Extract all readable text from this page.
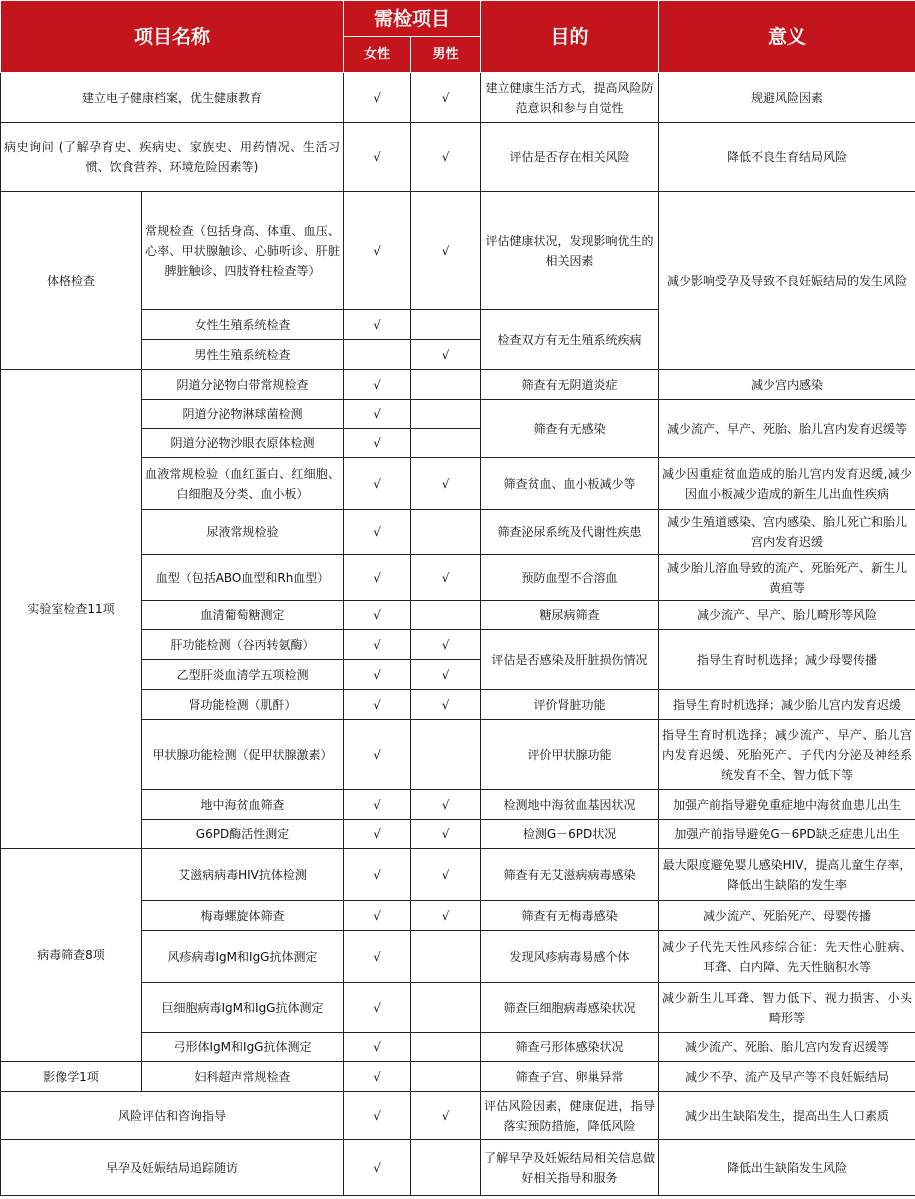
项目名称		需检项目		目的	意义
		女性	男性		
建立电子健康档案，优生健康教育		√	√	建立健康生活方式，提高风险防范意识和参与自觉性	规避风险因素
病史询问 (了解孕育史、疾病史、家族史、用药情况、生活习惯、饮食营养、环境危险因素等)		√	√	评估是否存在相关风险	降低不良生育结局风险
体格检查	常规检查（包括身高、体重、血压、心率、甲状腺触诊、心肺听诊、肝脏脾脏触诊、四肢脊柱检查等）	√	√	评估健康状况，发现影响优生的相关因素	减少影响受孕及导致不良妊娠结局的发生风险
	女性生殖系统检查	√		检查双方有无生殖系统疾病	
	男性生殖系统检查		√		
实验室检查11项	阴道分泌物白带常规检查	√		筛查有无阴道炎症	减少宫内感染
	阴道分泌物淋球菌检测	√		筛查有无感染	减少流产、早产、死胎、胎儿宫内发育迟缓等
	阴道分泌物沙眼衣原体检测	√			
	血液常规检验（血红蛋白、红细胞、白细胞及分类、血小板）	√	√	筛查贫血、血小板减少等	减少因重症贫血造成的胎儿宫内发育迟缓,减少因血小板减少造成的新生儿出血性疾病
	尿液常规检验	√		筛查泌尿系统及代谢性疾患	减少生殖道感染、宫内感染、胎儿死亡和胎儿宫内发育迟缓
	血型（包括ABO血型和Rh血型）	√	√	预防血型不合溶血	减少胎儿溶血导致的流产、死胎死产、新生儿黄疸等
	血清葡萄糖测定	√		糖尿病筛查	减少流产、早产、胎儿畸形等风险
	肝功能检测（谷丙转氨酶）	√	√	评估是否感染及肝脏损伤情况	指导生育时机选择；减少母婴传播
	乙型肝炎血清学五项检测	√	√		
	肾功能检测（肌酐）	√	√	评价肾脏功能	指导生育时机选择；减少胎儿宫内发育迟缓
	甲状腺功能检测（促甲状腺激素）	√		评价甲状腺功能	指导生育时机选择；减少流产、早产、胎儿宫内发育迟缓、死胎死产、子代内分泌及神经系统发育不全、智力低下等
	地中海贫血筛查	√	√	检测地中海贫血基因状况	加强产前指导避免重症地中海贫血患儿出生
	G6PD酶活性测定	√	√	检测G－6PD状况	加强产前指导避免G－6PD缺乏症患儿出生
病毒筛查8项	艾滋病病毒HIV抗体检测	√	√	筛查有无艾滋病病毒感染	最大限度避免婴儿感染HIV，提高儿童生存率，降低出生缺陷的发生率
	梅毒螺旋体筛查	√	√	筛查有无梅毒感染	减少流产、死胎死产、母婴传播
	风疹病毒IgM和IgG抗体测定	√		发现风疹病毒易感个体	减少子代先天性风疹综合征：先天性心脏病、耳聋、白内障、先天性脑积水等
	巨细胞病毒IgM和IgG抗体测定	√		筛查巨细胞病毒感染状况	减少新生儿耳聋、智力低下、视力损害、小头畸形等
	弓形体IgM和IgG抗体测定	√		筛查弓形体感染状况	减少流产、死胎、胎儿宫内发育迟缓等
影像学1项	妇科超声常规检查	√		筛查子宫、卵巢异常	减少不孕、流产及早产等不良妊娠结局
风险评估和咨询指导		√	√	评估风险因素，健康促进，指导落实预防措施，降低风险	减少出生缺陷发生，提高出生人口素质
早孕及妊娠结局追踪随访		√		了解早孕及妊娠结局相关信息做好相关指导和服务	降低出生缺陷发生风险
